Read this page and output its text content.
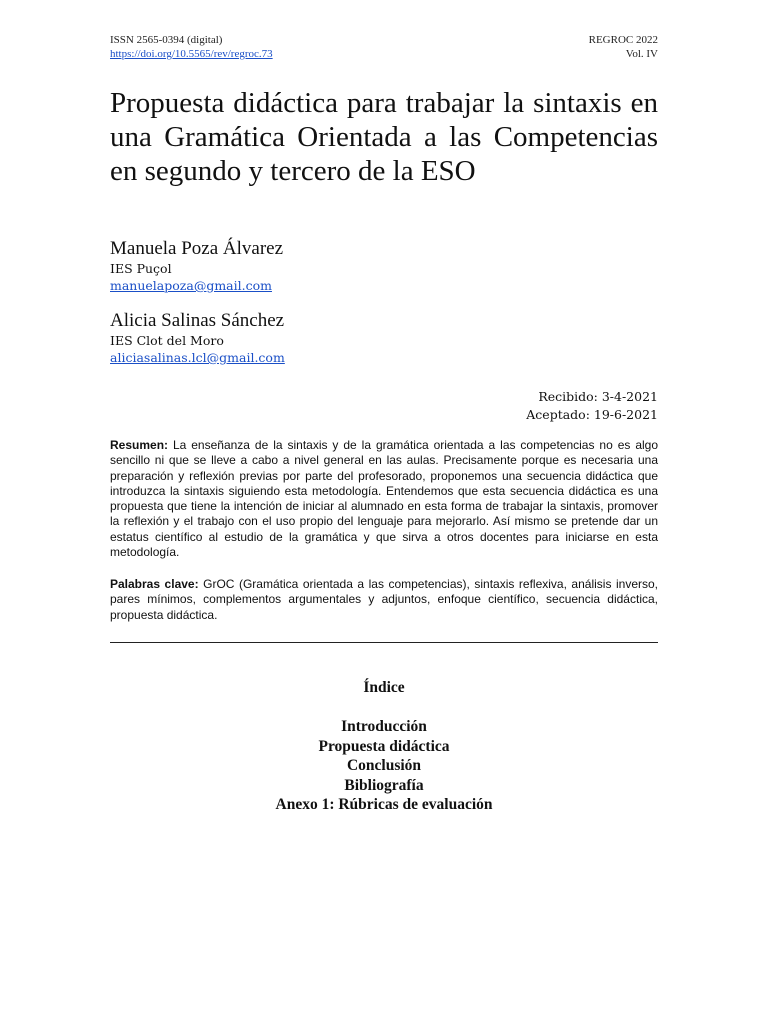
ISSN 2565-0394 (digital)
https://doi.org/10.5565/rev/regroc.73
REGROC 2022
Vol. IV
Propuesta didáctica para trabajar la sintaxis en una Gramática Orientada a las Competencias en segundo y tercero de la ESO
Manuela Poza Álvarez
IES Puçol
manuelapoza@gmail.com
Alicia Salinas Sánchez
IES Clot del Moro
aliciasalinas.lcl@gmail.com
Recibido: 3-4-2021
Aceptado: 19-6-2021

Resumen: La enseñanza de la sintaxis y de la gramática orientada a las competencias no es algo sencillo ni que se lleve a cabo a nivel general en las aulas. Precisamente porque es necesaria una preparación y reflexión previas por parte del profesorado, proponemos una secuencia didáctica que introduzca la sintaxis siguiendo esta metodología. Entendemos que esta secuencia didáctica es una propuesta que tiene la intención de iniciar al alumnado en esta forma de trabajar la sintaxis, promover la reflexión y el trabajo con el uso propio del lenguaje para mejorarlo. Así mismo se pretende dar un estatus científico al estudio de la gramática y que sirva a otros docentes para iniciarse en esta metodología.

Palabras clave: GrOC (Gramática orientada a las competencias), sintaxis reflexiva, análisis inverso, pares mínimos, complementos argumentales y adjuntos, enfoque científico, secuencia didáctica, propuesta didáctica.

Índice
Introducción
Propuesta didáctica
Conclusión
Bibliografía
Anexo 1: Rúbricas de evaluación
